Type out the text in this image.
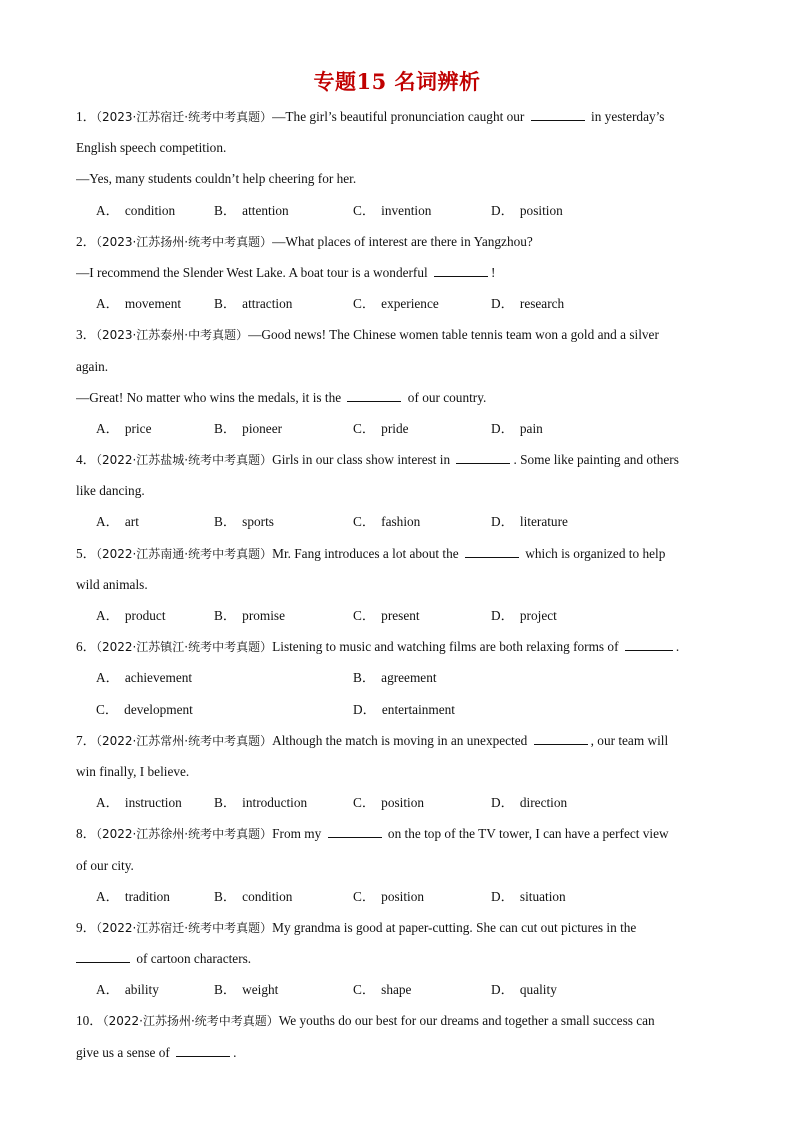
专题15 名词辨析
1．（2023·江苏宿迁·统考中考真题）—The girl’s beautiful pronunciation caught our	in yesterday’s
English speech competition.
—Yes, many students couldn’t help cheering for her.
A． condition	B． attention	C． invention	D． position
2．（2023·江苏扬州·统考中考真题）—What places of interest are there in Yangzhou?
—I recommend the Slender West Lake. A boat tour is a wonderful	!
A． movement B． attraction	C． experience	D． research
3．（2023·江苏泰州·中考真题）—Good news! The Chinese women table tennis team won a gold and a silver
again.
—Great! No matter who wins the medals, it is the	of our country.
A． price	B． pioneer	C． pride	D． pain
4．（2022·江苏盐城·统考中考真题）Girls in our class show interest in	. Some like painting and others
like dancing.
A． art	B． sports	C． fashion	D． literature
5．（2022·江苏南通·统考中考真题）Mr. Fang introduces a lot about the	which is organized to help
wild animals.
A． product	B． promise	C． present	D． project
6．（2022·江苏镇江·统考中考真题）Listening to music and watching films are both relaxing forms of	.
A． achievement	B． agreement
C． development	D． entertainment
7．（2022·江苏常州·统考中考真题）Although the match is moving in an unexpected	, our team will
win finally, I believe.
A． instruction B． introduction	C． position	D． direction
8．（2022·江苏徐州·统考中考真题）From my	on the top of the TV tower, I can have a perfect view
of our city.
A． tradition	B． condition	C． position	D． situation
9．（2022·江苏宿迁·统考中考真题）My grandma is good at paper-cutting. She can cut out pictures in the
of cartoon characters.
A． ability	B． weight	C． shape	D． quality
10．（2022·江苏扬州·统考中考真题）We youths do our best for our dreams and together a small success can
give us a sense of	.
